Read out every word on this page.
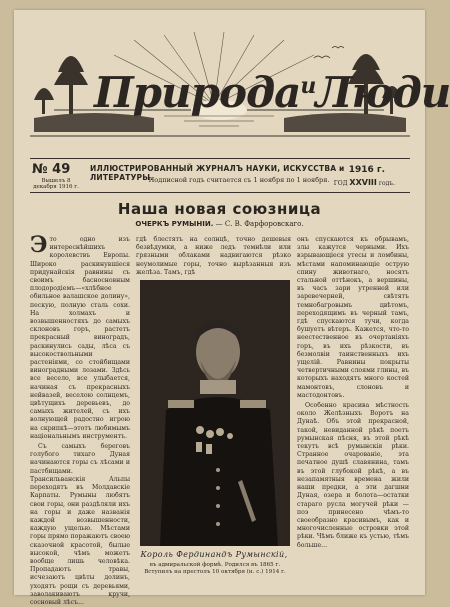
Природа$^и$Люди
№ 49
Вышелъ 8 декабря 1916 г.
ИЛЛЮСТРИРОВАННЫЙ ЖУРНАЛЪ НАУКИ, ИСКУССТВА и ЛИТЕРАТУРЫ.
Подписной годъ считается съ 1 ноября по 1 ноября.
1916 г.
ГОД XXVIII годъ.
Наша новая союзница
ОЧЕРКЪ РУМЫНІИ. — С. В. Фарфоровскаго.

Это одно изъ интереснѣйшихъ королевствъ Европы. Широко раскинувшіеся придунайскія равнины съ своимъ басносновным плодородіемъ—«хлѣбное обильное валашское долину», пескую, полную сталь сохи. На холмахъ и возвышенностяхъ до самыхъ склоновъ горъ, растетъ прекрасный виноградъ, раскинулись сады, лѣса съ высокоствольными растеніями, со стойбищами виноградными лозами. Здѣсь все весело, все улыбается, начиная съ прекрасныхъ нейвазей, веселою солнцемъ, цвѣтущихъ деревьевъ, до самыхъ жителей, съ ихъ волнующей радостно игрою на скрипкѣ—этотъ любимымъ національнымъ инструментъ.

Съ самыхъ береговъ голубого тихаго Дуная начинаются горы съ лѣсами и пастбищами. Трансильванскія Альпы переходятъ въ Молдавскіе Карпаты. Румыны любятъ свои горы, они раздѣляли ихъ на горы и даже названія каждой возвышенности, каждую ущелью. Мѣстами горы прямо поражаютъ своею сказочной красотой, былые высокой, чѣмъ можетъ вообще лишь человѣка. Пропадаютъ травы, исчезаютъ цвѣты долинъ, уходятъ рощи съ деревьями, заволакиваютъ кручи, сосновый лѣсъ...

гдѣ блестятъ на солнцѣ, точно дешевыя безвѣдумки, а ниже ледъ темнѣли или грязными облаками надвигаются рѣзко неумолимые горы, точно вырѣзанныя изъ желѣза. Тамъ, гдѣ

онъ спускаются къ обрывамъ, злы кажутся черными. Ихъ взрывающіеся утесы и ломбины, мѣстами напоминающіе острую спину животнаго, носятъ стальной оттѣнокъ, а вершины, въ часъ зари утренней или заревечерней, свѣтятъ темнобагровымъ цвѣтомъ, переходящимъ въ черный тамъ, гдѣ спускаются тучи, когда бушуетъ вѣтеръ. Кажется, что-то неестественное въ очертаніяхъ горъ, въ ихъ рѣзкости, въ безмолвіи таинственныхъ ихъ ущелій. Равнины покрыты четвертичными слоями глины, въ которыхъ находятъ много костей мамонтовъ, слоновъ и мастодонтовъ.

Особенно красива мѣстность около Желѣзныхъ Воротъ на Дунаѣ. Объ этой прекрасной, такой, невиданной рѣкѣ поетъ румынская пѣсня, въ этой рѣкѣ текутъ всѣ румынскія рѣки. Странное очарованіе, эта печатное душѣ славянина, тамъ въ этой глубокой рѣкѣ, а въ незапамятныя времена жили наши предки, а эти дагшни Дуная, озера и болота—остатки стараго русла могучей рѣки —поэ принесено чѣмъ-то своеобразно красивымъ, как и многочисленные островки этой рѣки. Чѣмъ ближе къ устью, тѣмъ больше...

Король Фердинандъ Румынскій,
въ адмиральской формѣ. Родился въ 1865 г. Вступилъ на престолъ 10 октября (н. с.) 1914 г.
